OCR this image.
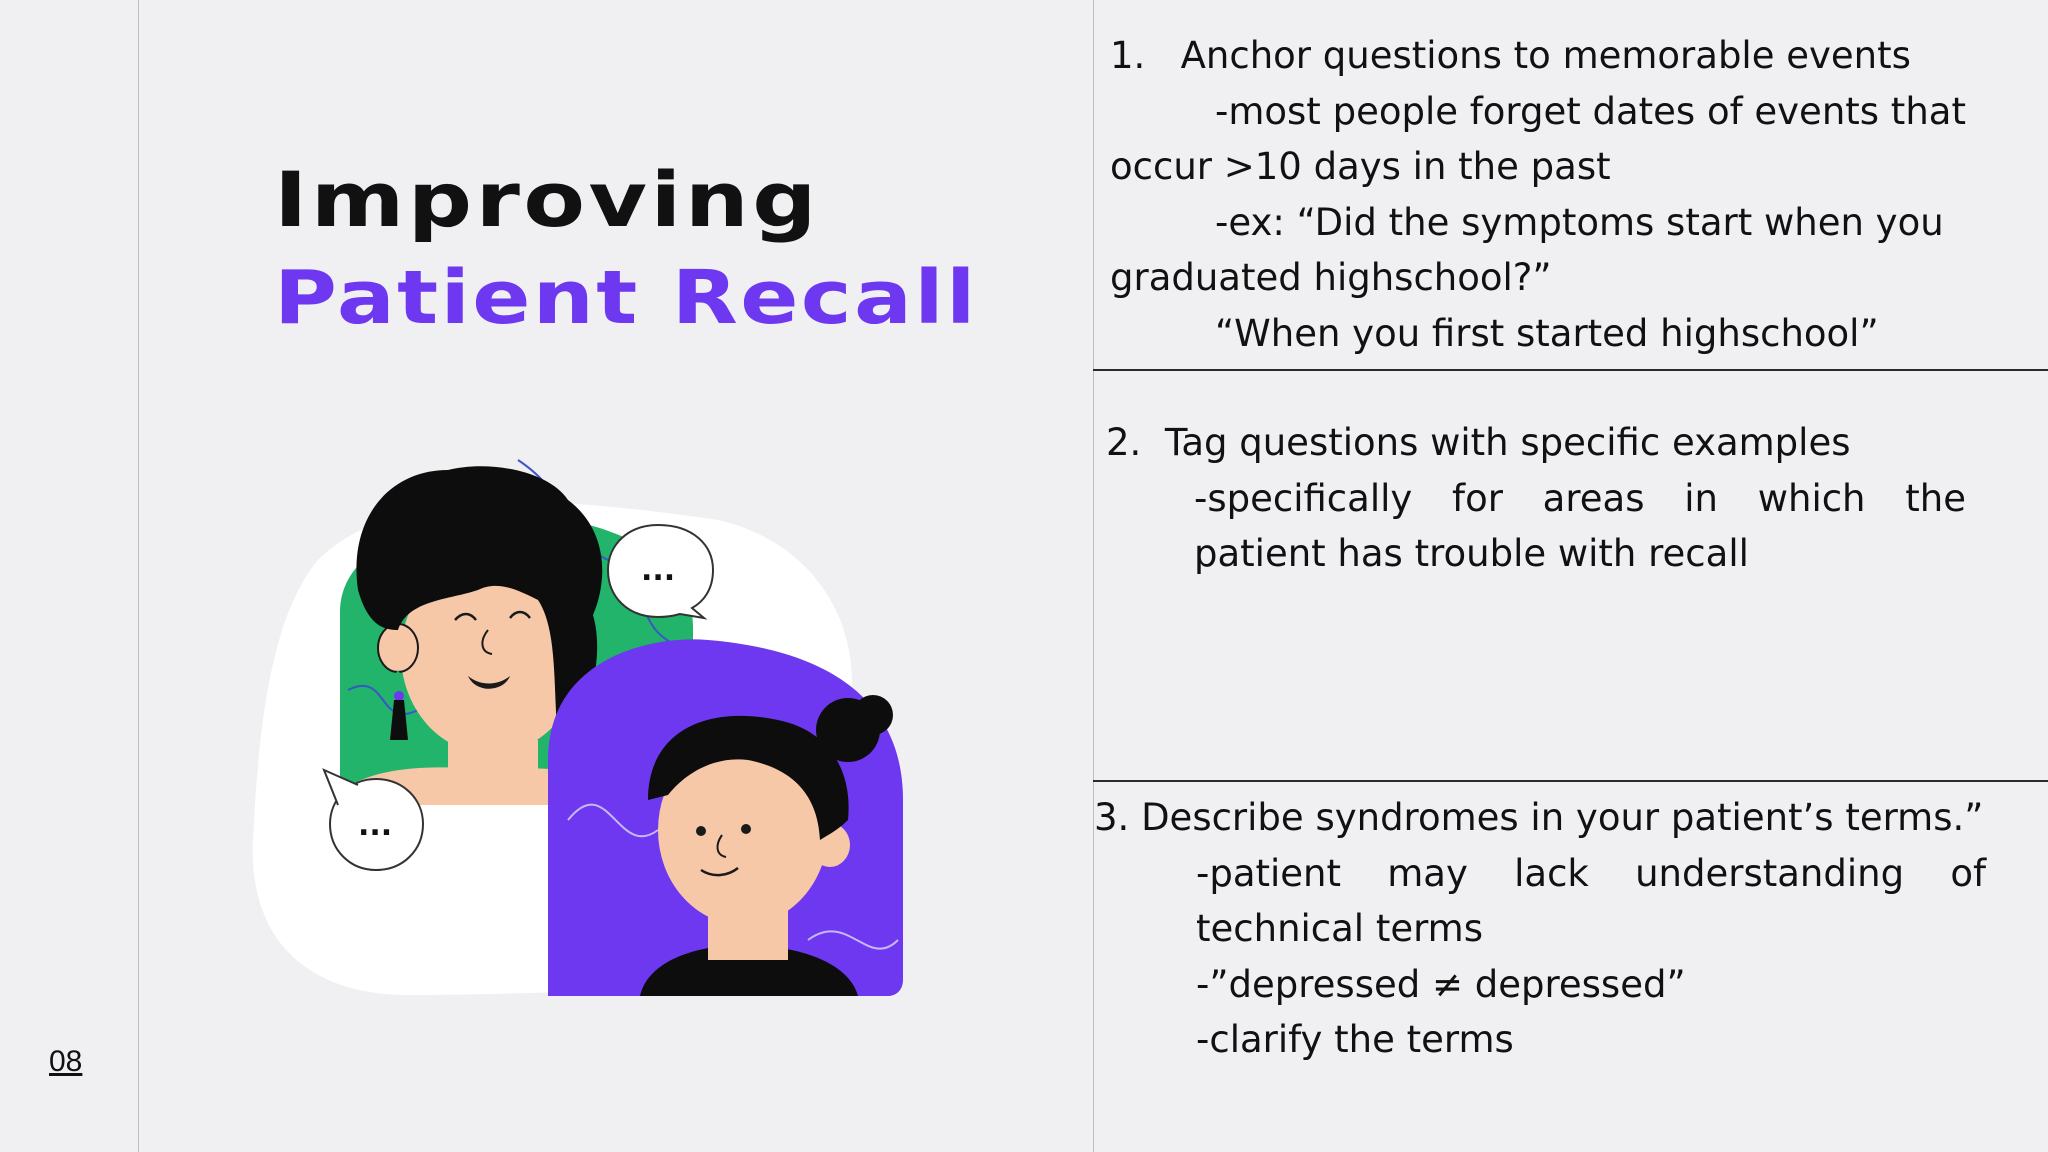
08
Improving
Patient Recall
...
...
1. Anchor questions to memorable events
-most people forget dates of events that
occur >10 days in the past
-ex: “Did the symptoms start when you
graduated highschool?”
“When you first started highschool”
2. Tag questions with specific examples
-specifically for areas in which the
patient has trouble with recall
3. Describe syndromes in your patient’s terms.”
-patient may lack understanding of
technical terms
-”depressed ≠ depressed”
-clarify the terms
